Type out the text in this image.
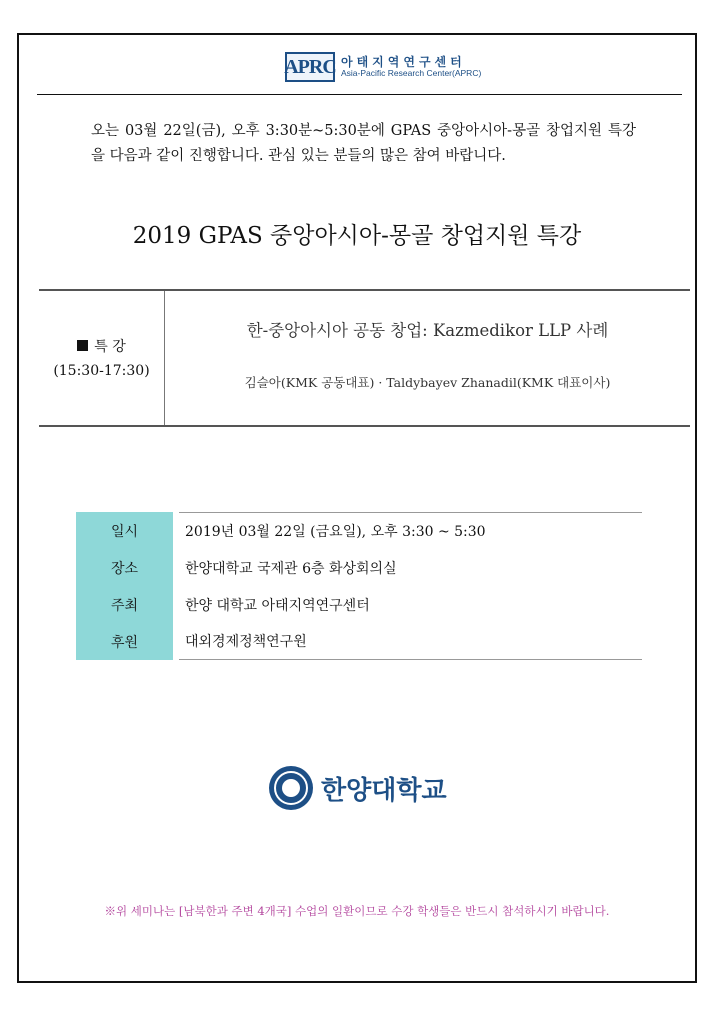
APRC 아태지역연구센터
Asia-Pacific Research Center(APRC)
오는 03월 22일(금), 오후 3:30분~5:30분에 GPAS 중앙아시아-몽골 창업지원 특강을 다음과 같이 진행합니다. 관심 있는 분들의 많은 참여 바랍니다.
2019 GPAS 중앙아시아-몽골 창업지원 특강
특 강
(15:30-17:30)
한-중앙아시아 공동 창업: Kazmedikor LLP 사례
김슬아(KMK 공동대표) · Taldybayev Zhanadil(KMK 대표이사)
일시	2019년 03월 22일 (금요일), 오후 3:30 ~ 5:30
장소	한양대학교 국제관 6층 화상회의실
주최	한양 대학교 아태지역연구센터
후원	대외경제정책연구원
한양대학교
※위 세미나는 [남북한과 주변 4개국] 수업의 일환이므로 수강 학생들은 반드시 참석하시기 바랍니다.
